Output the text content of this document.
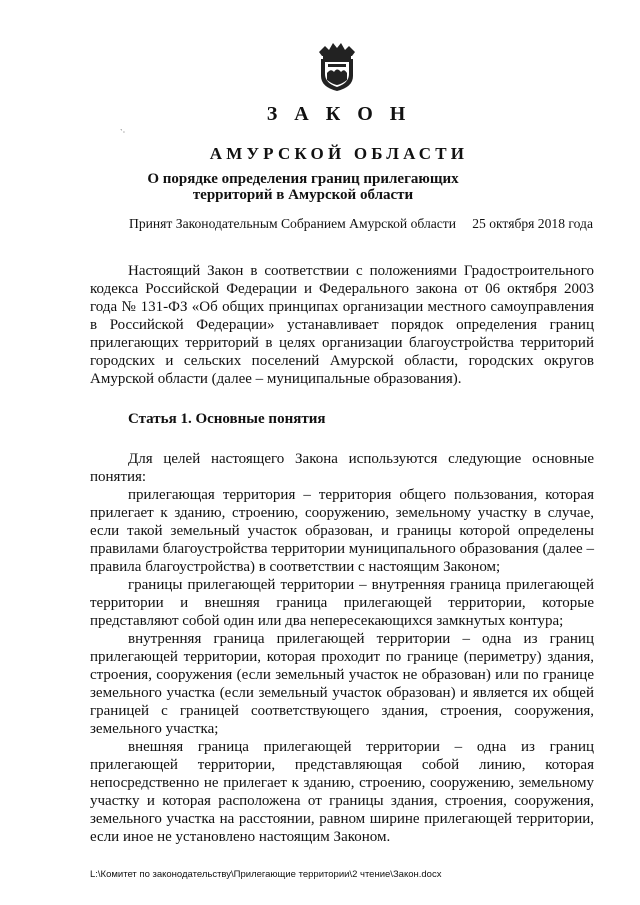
`·
З А К О Н
АМУРСКОЙ ОБЛАСТИ
О порядке определения границ прилегающих территорий в Амурской области
Принят Законодательным Собранием Амурской области 25 октября 2018 года

Настоящий Закон в соответствии с положениями Градостроительного кодекса Российской Федерации и Федерального закона от 06 октября 2003 года № 131-ФЗ «Об общих принципах организации местного самоуправления в Российской Федерации» устанавливает порядок определения границ прилегающих территорий в целях организации благоустройства территорий городских и сельских поселений Амурской области, городских округов Амурской области (далее – муниципальные образования).

Статья 1. Основные понятия

Для целей настоящего Закона используются следующие основные понятия:

прилегающая территория – территория общего пользования, которая прилегает к зданию, строению, сооружению, земельному участку в случае, если такой земельный участок образован, и границы которой определены правилами благоустройства территории муниципального образования (далее – правила благоустройства) в соответствии с настоящим Законом;

границы прилегающей территории – внутренняя граница прилегающей территории и внешняя граница прилегающей территории, которые представляют собой один или два непересекающихся замкнутых контура;

внутренняя граница прилегающей территории – одна из границ прилегающей территории, которая проходит по границе (периметру) здания, строения, сооружения (если земельный участок не образован) или по границе земельного участка (если земельный участок образован) и является их общей границей с границей соответствующего здания, строения, сооружения, земельного участка;

внешняя граница прилегающей территории – одна из границ прилегающей территории, представляющая собой линию, которая непосредственно не прилегает к зданию, строению, сооружению, земельному участку и которая расположена от границы здания, строения, сооружения, земельного участка на расстоянии, равном ширине прилегающей территории, если иное не установлено настоящим Законом.

L:\Комитет по законодательству\Прилегающие территории\2 чтение\Закон.docx
